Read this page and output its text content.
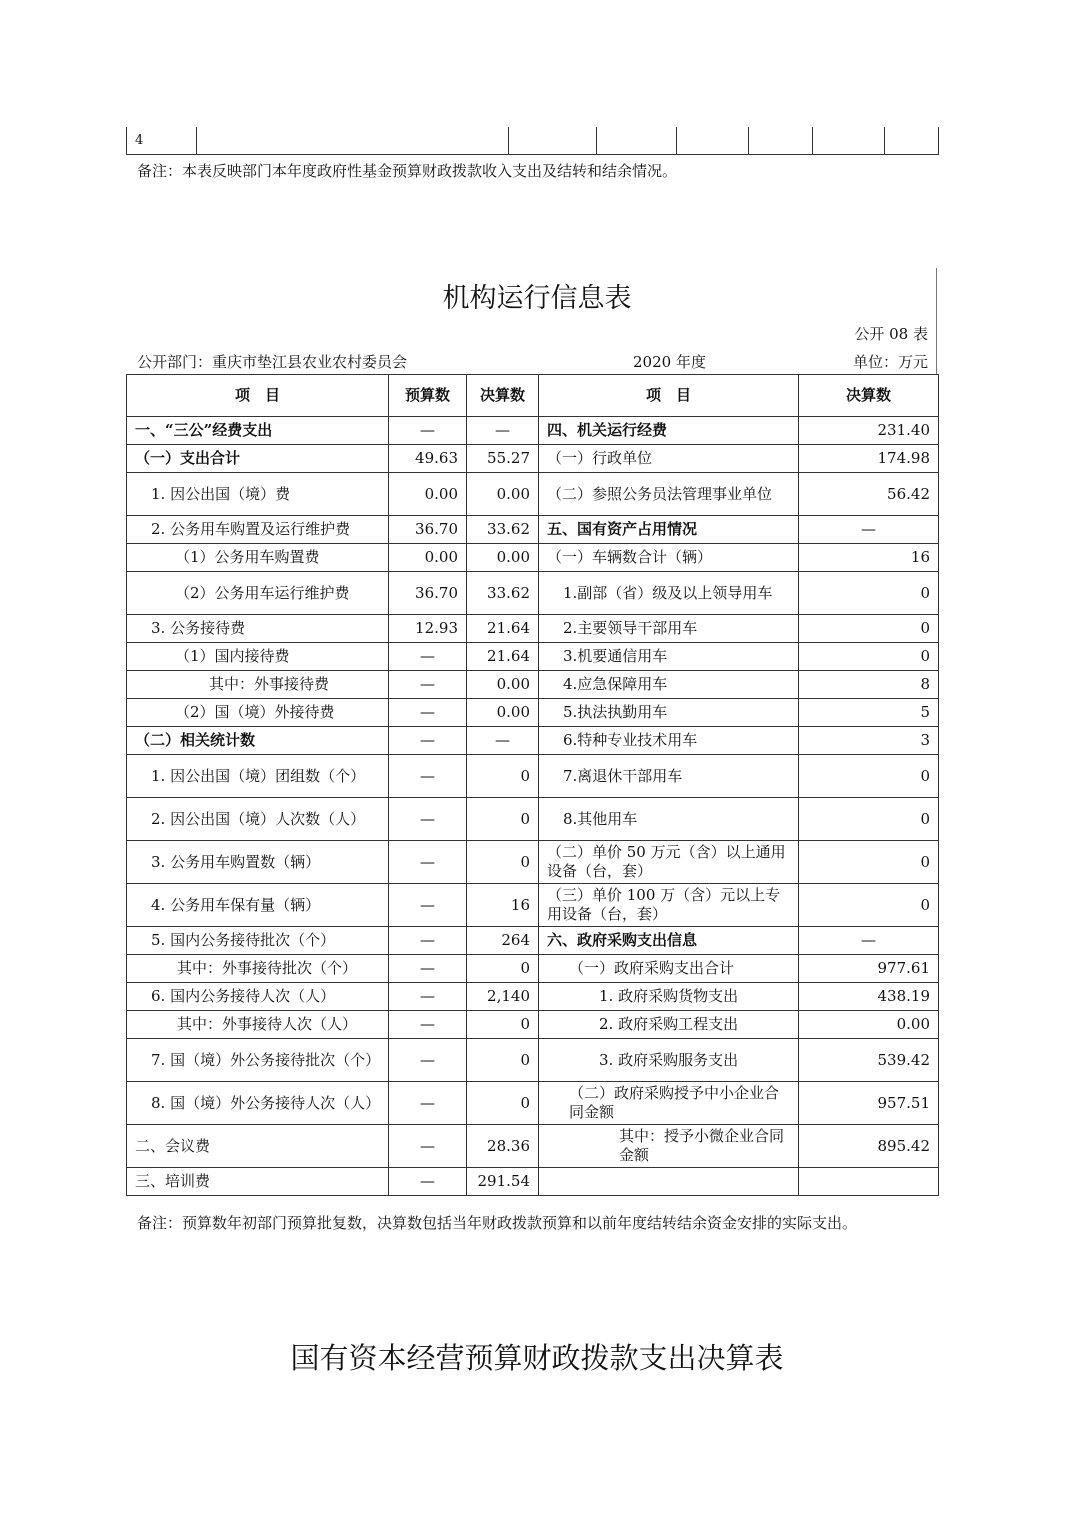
4							
备注：本表反映部门本年度政府性基金预算财政拨款收入支出及结转和结余情况。
机构运行信息表
公开 08 表
公开部门：重庆市垫江县农业农村委员会	2020 年度	单位：万元
项　目	预算数	决算数	项　目	决算数
一、“三公”经费支出	—	—	四、机关运行经费	231.40
（一）支出合计	49.63	55.27	（一）行政单位	174.98
1. 因公出国（境）费	0.00	0.00	（二）参照公务员法管理事业单位	56.42
2. 公务用车购置及运行维护费	36.70	33.62	五、国有资产占用情况	—
（1）公务用车购置费	0.00	0.00	（一）车辆数合计（辆）	16
（2）公务用车运行维护费	36.70	33.62	1.副部（省）级及以上领导用车	0
3. 公务接待费	12.93	21.64	2.主要领导干部用车	0
（1）国内接待费	—	21.64	3.机要通信用车	0
其中：外事接待费	—	0.00	4.应急保障用车	8
（2）国（境）外接待费	—	0.00	5.执法执勤用车	5
（二）相关统计数	—	—	6.特种专业技术用车	3
1. 因公出国（境）团组数（个）	—	0	7.离退休干部用车	0
2. 因公出国（境）人次数（人）	—	0	8.其他用车	0
3. 公务用车购置数（辆）	—	0	（二）单价 50 万元（含）以上通用设备（台，套）	0
4. 公务用车保有量（辆）	—	16	（三）单价 100 万（含）元以上专用设备（台，套）	0
5. 国内公务接待批次（个）	—	264	六、政府采购支出信息	—
其中：外事接待批次（个）	—	0	（一）政府采购支出合计	977.61
6. 国内公务接待人次（人）	—	2,140	1. 政府采购货物支出	438.19
其中：外事接待人次（人）	—	0	2. 政府采购工程支出	0.00
7. 国（境）外公务接待批次（个）	—	0	3. 政府采购服务支出	539.42
8. 国（境）外公务接待人次（人）	—	0	（二）政府采购授予中小企业合同金额	957.51
二、会议费	—	28.36	其中：授予小微企业合同金额	895.42
三、培训费	—	291.54		
备注：预算数年初部门预算批复数，决算数包括当年财政拨款预算和以前年度结转结余资金安排的实际支出。
国有资本经营预算财政拨款支出决算表
